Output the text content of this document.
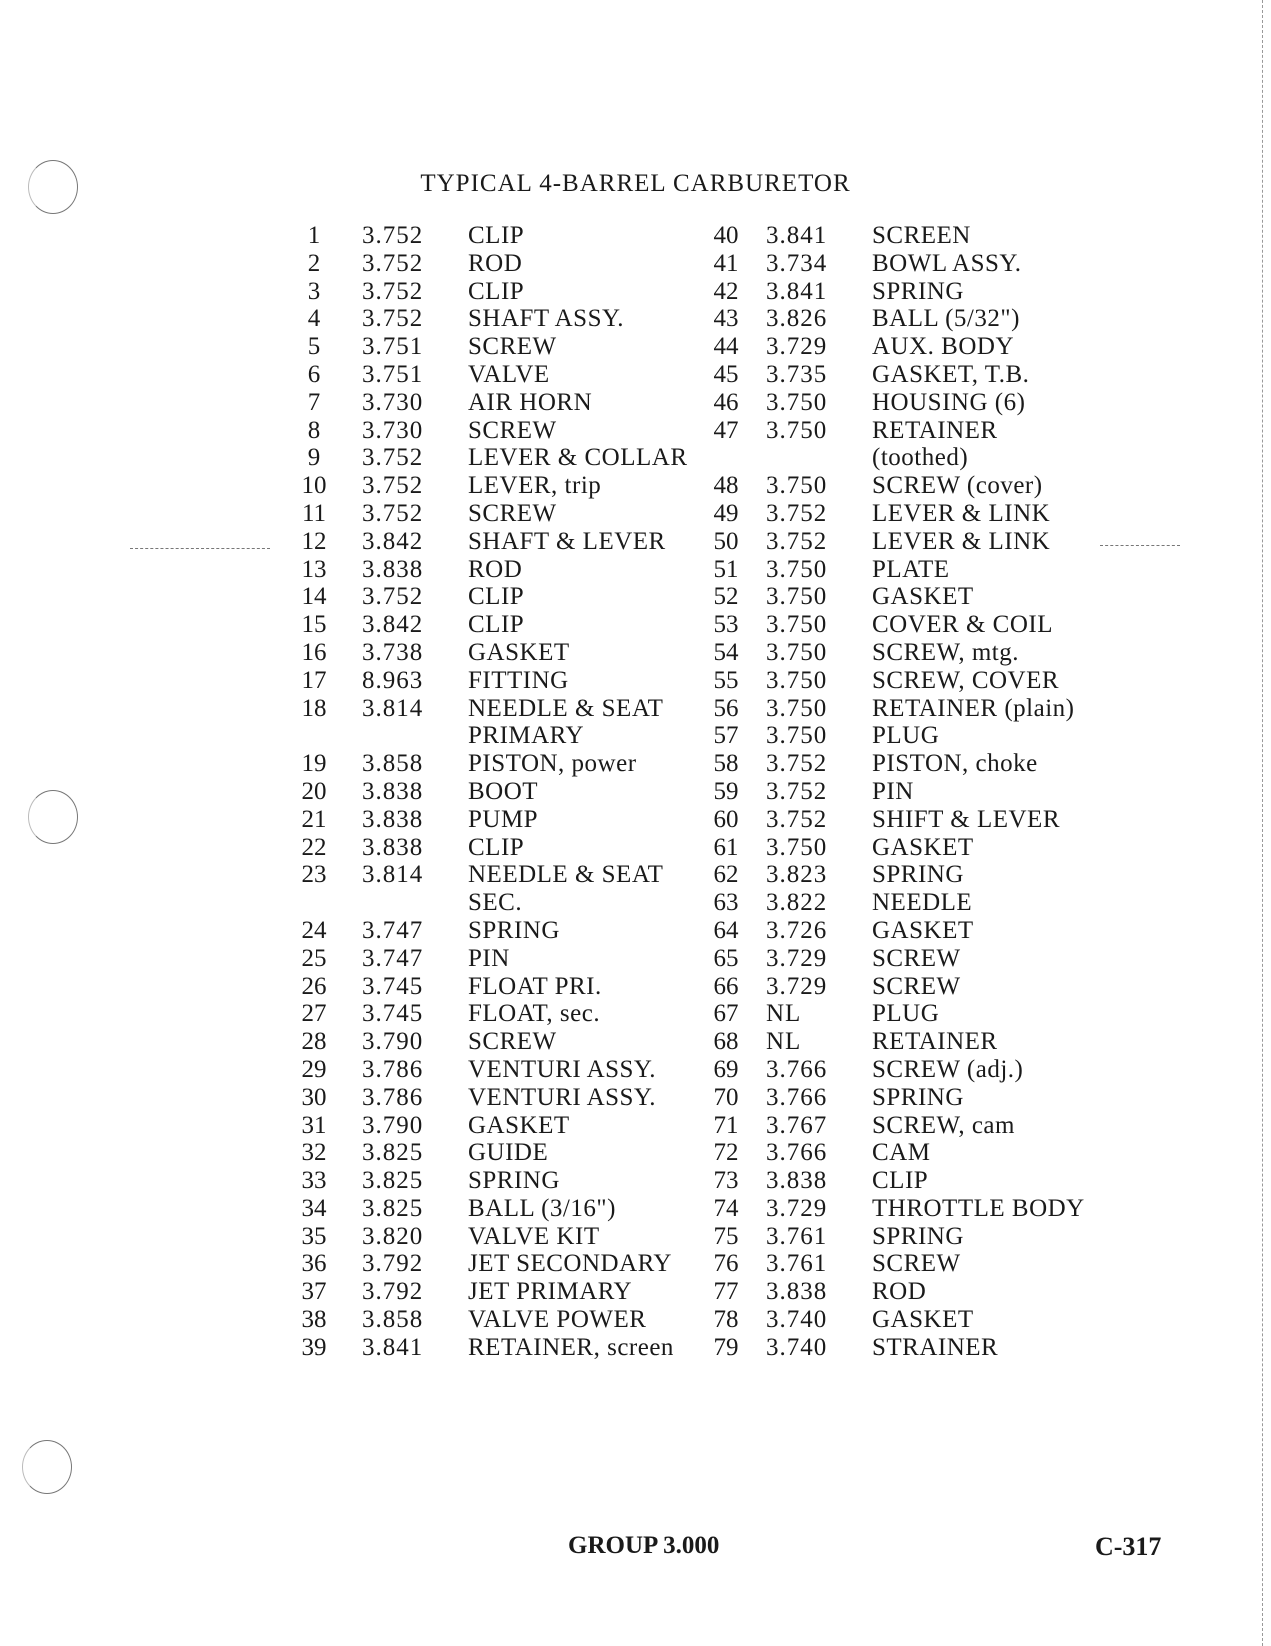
TYPICAL 4-BARREL CARBURETOR
1	3.752 CLIP
2	3.752 ROD
3	3.752 CLIP
4	3.752 SHAFT ASSY.
5	3.751 SCREW
6	3.751 VALVE
7	3.730 AIR HORN
8	3.730 SCREW
9	3.752 LEVER & COLLAR
10	3.752 LEVER, trip
11	3.752 SCREW
12	3.842 SHAFT & LEVER
13	3.838 ROD
14	3.752 CLIP
15	3.842 CLIP
16	3.738 GASKET
17	8.963 FITTING
18	3.814 NEEDLE & SEAT
PRIMARY
19	3.858 PISTON, power
20	3.838 BOOT
21	3.838 PUMP
22	3.838 CLIP
23	3.814 NEEDLE & SEAT
SEC.
24	3.747 SPRING
25	3.747 PIN
26	3.745 FLOAT PRI.
27	3.745 FLOAT, sec.
28	3.790 SCREW
29	3.786 VENTURI ASSY.
30	3.786 VENTURI ASSY.
31	3.790 GASKET
32	3.825 GUIDE
33	3.825 SPRING
34	3.825 BALL (3/16")
35	3.820 VALVE KIT
36	3.792 JET SECONDARY
37	3.792 JET PRIMARY
38	3.858 VALVE POWER
39	3.841 RETAINER, screen
40	3.841 SCREEN
41	3.734 BOWL ASSY.
42	3.841 SPRING
43	3.826 BALL (5/32")
44	3.729 AUX. BODY
45	3.735 GASKET, T.B.
46	3.750 HOUSING (6)
47	3.750 RETAINER
(toothed)
48	3.750 SCREW (cover)
49	3.752 LEVER & LINK
50	3.752 LEVER & LINK
51	3.750 PLATE
52	3.750 GASKET
53	3.750 COVER & COIL
54	3.750 SCREW, mtg.
55	3.750 SCREW, COVER
56	3.750 RETAINER (plain)
57	3.750 PLUG
58	3.752 PISTON, choke
59	3.752 PIN
60	3.752 SHIFT & LEVER
61	3.750 GASKET
62	3.823 SPRING
63	3.822 NEEDLE
64	3.726 GASKET
65	3.729 SCREW
66	3.729 SCREW
67	NL	PLUG
68	NL	RETAINER
69	3.766 SCREW (adj.)
70	3.766 SPRING
71	3.767 SCREW, cam
72	3.766 CAM
73	3.838 CLIP
74	3.729 THROTTLE BODY
75	3.761 SPRING
76	3.761 SCREW
77	3.838 ROD
78	3.740 GASKET
79	3.740 STRAINER
GROUP 3.000	C-317
